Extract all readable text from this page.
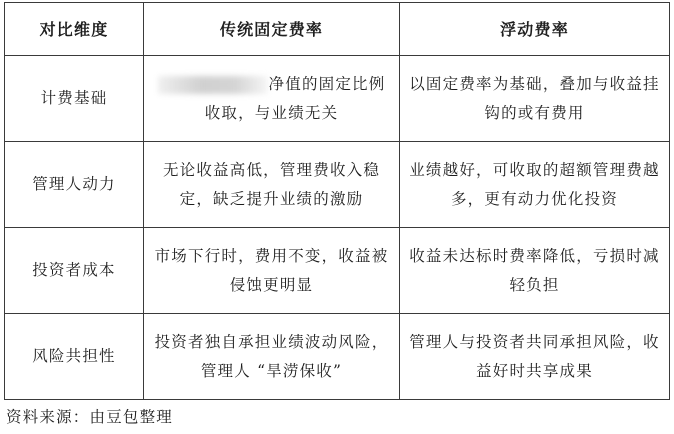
对比维度	传统固定费率	浮动费率
计费基础	净值的固定比例收取，与业绩无关	以固定费率为基础，叠加与收益挂钩的或有费用
管理人动力	无论收益高低，管理费收入稳定，缺乏提升业绩的激励	业绩越好，可收取的超额管理费越多，更有动力优化投资
投资者成本	市场下行时，费用不变，收益被侵蚀更明显	收益未达标时费率降低，亏损时减轻负担
风险共担性	投资者独自承担业绩波动风险，管理人 “旱涝保收”	管理人与投资者共同承担风险，收益好时共享成果
资料来源：由豆包整理
